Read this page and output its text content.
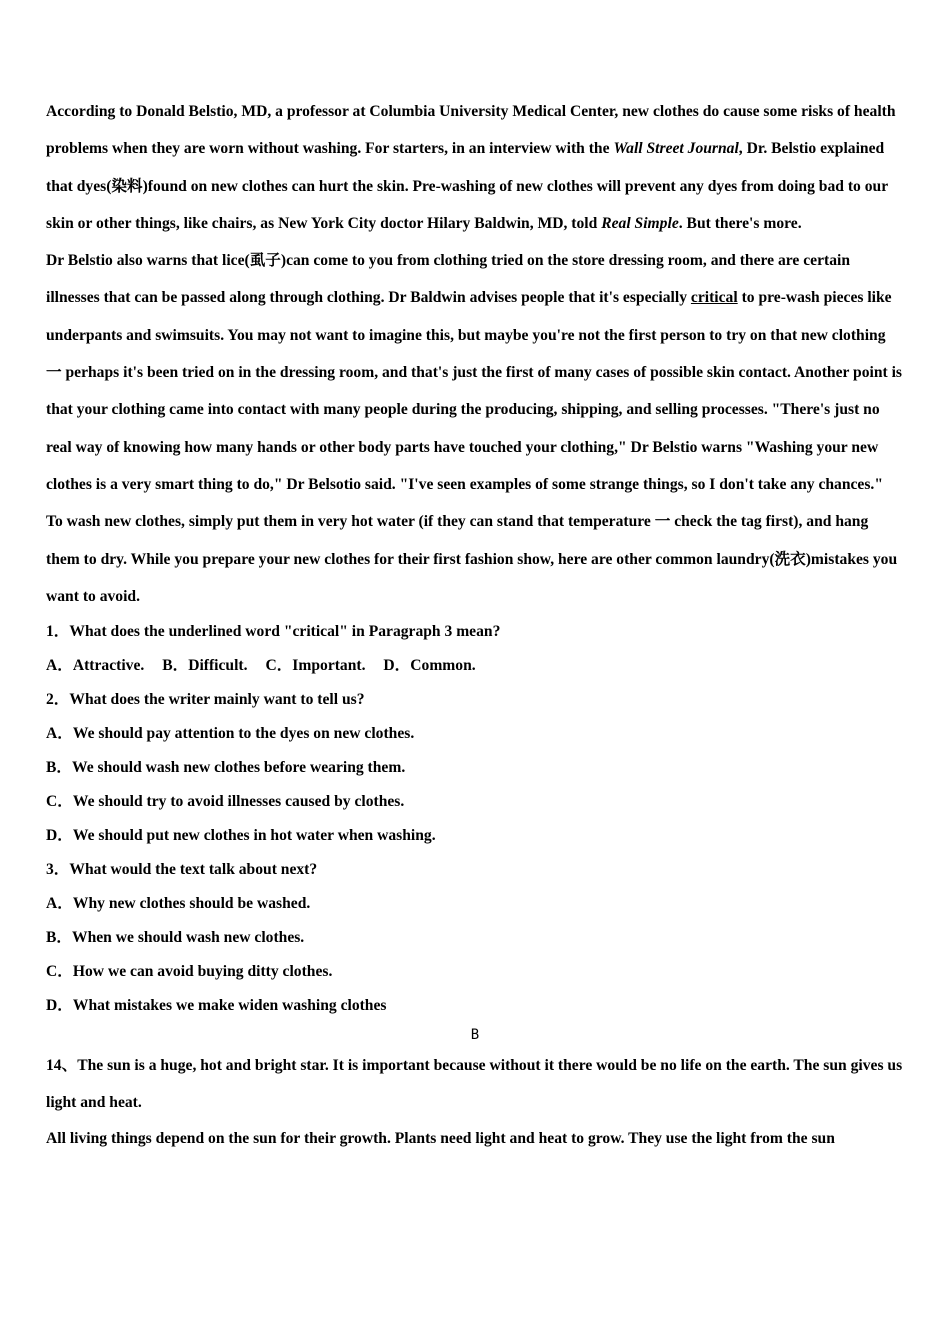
According to Donald Belstio, MD, a professor at Columbia University Medical Center, new clothes do cause some risks of health problems when they are worn without washing. For starters, in an interview with the Wall Street Journal, Dr. Belstio explained that dyes(染料)found on new clothes can hurt the skin. Pre-washing of new clothes will prevent any dyes from doing bad to our skin or other things, like chairs, as New York City doctor Hilary Baldwin, MD, told Real Simple. But there's more.

Dr Belstio also warns that lice(虱子)can come to you from clothing tried on the store dressing room, and there are certain illnesses that can be passed along through clothing. Dr Baldwin advises people that it's especially critical to pre-wash pieces like underpants and swimsuits. You may not want to imagine this, but maybe you're not the first person to try on that new clothing 一 perhaps it's been tried on in the dressing room, and that's just the first of many cases of possible skin contact. Another point is that your clothing came into contact with many people during the producing, shipping, and selling processes. "There's just no real way of knowing how many hands or other body parts have touched your clothing," Dr Belstio warns "Washing your new clothes is a very smart thing to do," Dr Belsotio said. "I've seen examples of some strange things, so I don't take any chances."

To wash new clothes, simply put them in very hot water (if they can stand that temperature 一 check the tag first), and hang them to dry. While you prepare your new clothes for their first fashion show, here are other common laundry(洗衣)mistakes you want to avoid.

1．What does the underlined word "critical" in Paragraph 3 mean?

A．Attractive. B．Difficult. C．Important. D．Common.

2．What does the writer mainly want to tell us?

A．We should pay attention to the dyes on new clothes.

B．We should wash new clothes before wearing them.

C．We should try to avoid illnesses caused by clothes.

D．We should put new clothes in hot water when washing.

3．What would the text talk about next?

A．Why new clothes should be washed.

B．When we should wash new clothes.

C．How we can avoid buying ditty clothes.

D．What mistakes we make widen washing clothes

B

14、The sun is a huge, hot and bright star. It is important because without it there would be no life on the earth. The sun gives us light and heat.

All living things depend on the sun for their growth. Plants need light and heat to grow. They use the light from the sun
